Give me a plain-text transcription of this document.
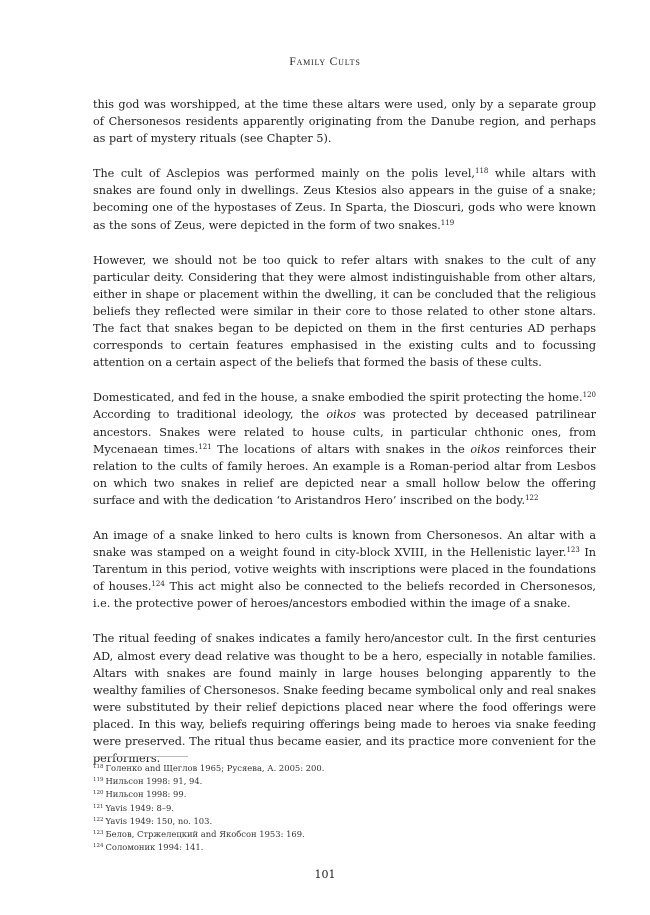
Family Cults

this god was worshipped, at the time these altars were used, only by a separate group of Chersonesos residents apparently originating from the Danube region, and perhaps as part of mystery rituals (see Chapter 5).

The cult of Asclepios was performed mainly on the polis level,$^{118}$ while altars with snakes are found only in dwellings. Zeus Ktesios also appears in the guise of a snake; becoming one of the hypostases of Zeus. In Sparta, the Dioscuri, gods who were known as the sons of Zeus, were depicted in the form of two snakes.$^{119}$

However, we should not be too quick to refer altars with snakes to the cult of any particular deity. Considering that they were almost indistinguishable from other altars, either in shape or placement within the dwelling, it can be concluded that the religious beliefs they reflected were similar in their core to those related to other stone altars. The fact that snakes began to be depicted on them in the first centuries AD perhaps corresponds to certain features emphasised in the existing cults and to focussing attention on a certain aspect of the beliefs that formed the basis of these cults.

Domesticated, and fed in the house, a snake embodied the spirit protecting the home.$^{120}$ According to traditional ideology, the oikos was protected by deceased patrilinear ancestors. Snakes were related to house cults, in particular chthonic ones, from Mycenaean times.$^{121}$ The locations of altars with snakes in the oikos reinforces their relation to the cults of family heroes. An example is a Roman-period altar from Lesbos on which two snakes in relief are depicted near a small hollow below the offering surface and with the dedication ‘to Aristandros Hero’ inscribed on the body.$^{122}$

An image of a snake linked to hero cults is known from Chersonesos. An altar with a snake was stamped on a weight found in city-block XVIII, in the Hellenistic layer.$^{123}$ In Tarentum in this period, votive weights with inscriptions were placed in the foundations of houses.$^{124}$ This act might also be connected to the beliefs recorded in Chersonesos, i.e. the protective power of heroes/ancestors embodied within the image of a snake.

The ritual feeding of snakes indicates a family hero/ancestor cult. In the first centuries AD, almost every dead relative was thought to be a hero, especially in notable families. Altars with snakes are found mainly in large houses belonging apparently to the wealthy families of Chersonesos. Snake feeding became symbolical only and real snakes were substituted by their relief depictions placed near where the food offerings were placed. In this way, beliefs requiring offerings being made to heroes via snake feeding were preserved. The ritual thus became easier, and its practice more convenient for the performers.

$^{118}$ Голенко and Щеглов 1965; Русяева, А. 2005: 200.
$^{119}$ Нильсон 1998: 91, 94.
$^{120}$ Нильсон 1998: 99.
$^{121}$ Yavis 1949: 8–9.
$^{122}$ Yavis 1949: 150, no. 103.
$^{123}$ Белов, Стржелецкий and Якобсон 1953: 169.
$^{124}$ Соломоник 1994: 141.
101
